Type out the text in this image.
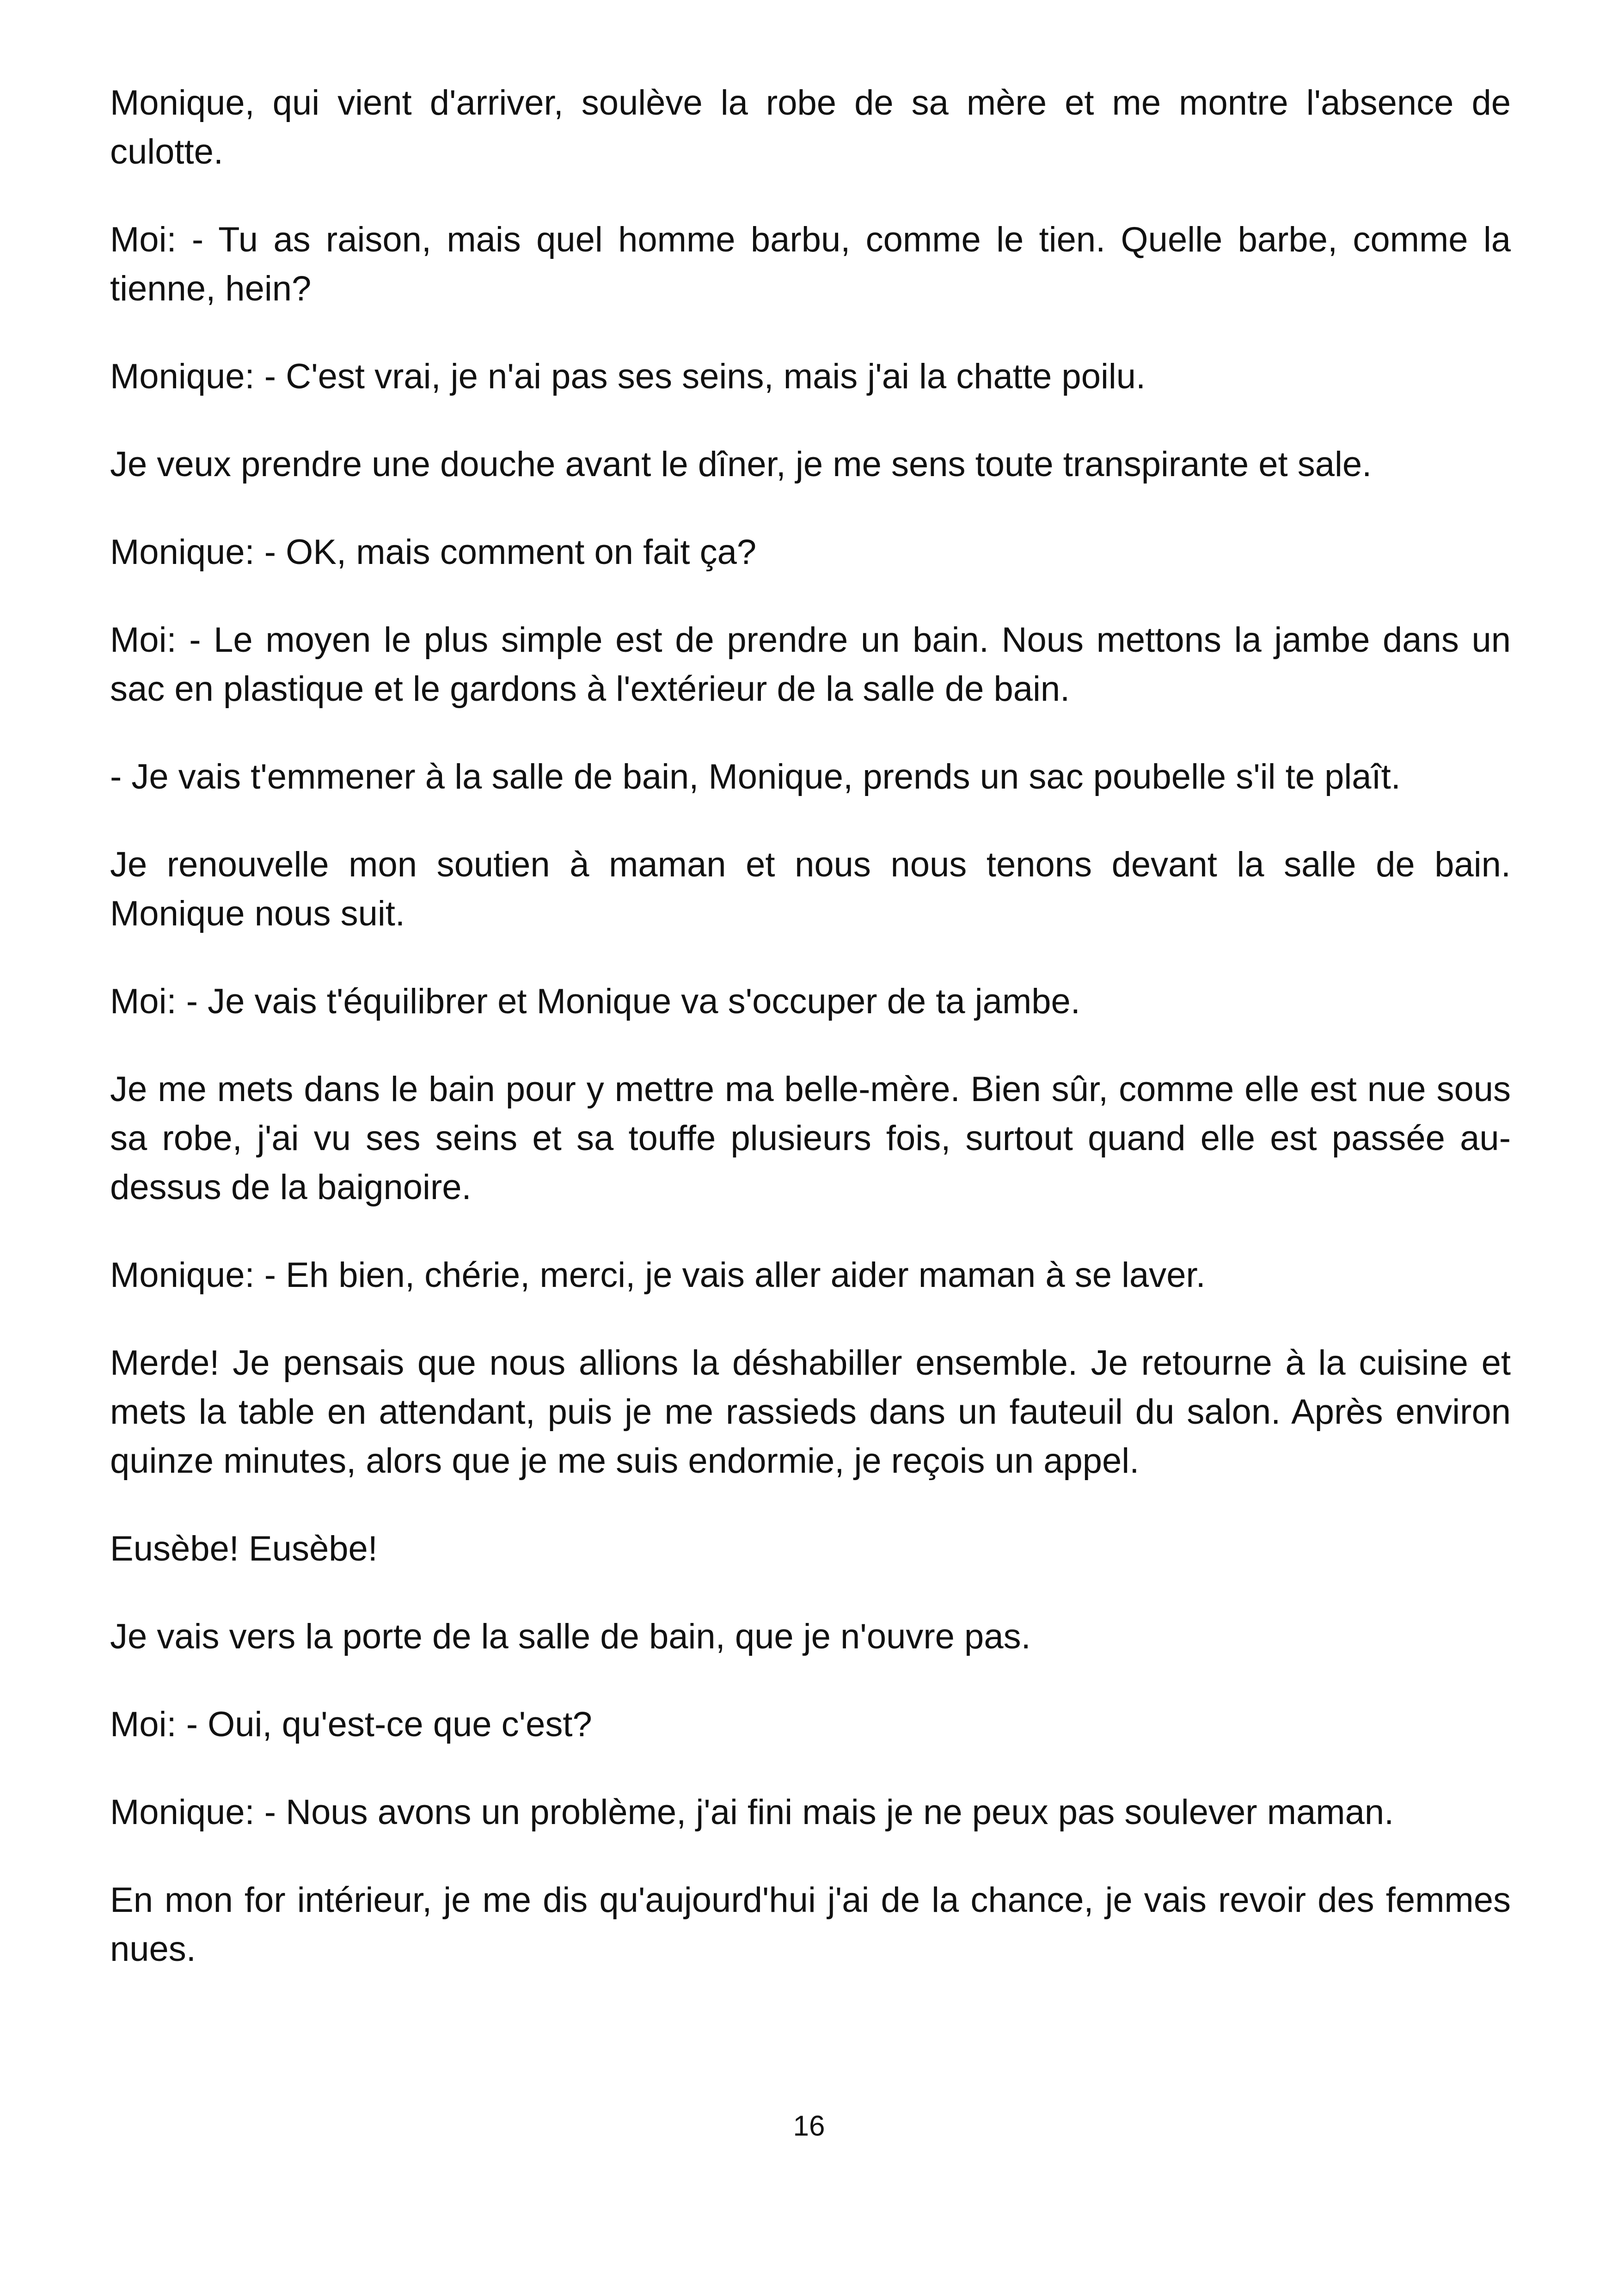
Monique, qui vient d'arriver, soulève la robe de sa mère et me montre l'absence de culotte.

Moi: - Tu as raison, mais quel homme barbu, comme le tien. Quelle barbe, comme la tienne, hein?

Monique: - C'est vrai, je n'ai pas ses seins, mais j'ai la chatte poilu.

Je veux prendre une douche avant le dîner, je me sens toute transpirante et sale.

Monique: - OK, mais comment on fait ça?

Moi: - Le moyen le plus simple est de prendre un bain. Nous mettons la jambe dans un sac en plastique et le gardons à l'extérieur de la salle de bain.

- Je vais t'emmener à la salle de bain, Monique, prends un sac poubelle s'il te plaît.

Je renouvelle mon soutien à maman et nous nous tenons devant la salle de bain. Monique nous suit.

Moi: - Je vais t'équilibrer et Monique va s'occuper de ta jambe.

Je me mets dans le bain pour y mettre ma belle-mère. Bien sûr, comme elle est nue sous sa robe, j'ai vu ses seins et sa touffe plusieurs fois, surtout quand elle est passée au-dessus de la baignoire.

Monique: - Eh bien, chérie, merci, je vais aller aider maman à se laver.

Merde! Je pensais que nous allions la déshabiller ensemble. Je retourne à la cuisine et mets la table en attendant, puis je me rassieds dans un fauteuil du salon. Après environ quinze minutes, alors que je me suis endormie, je reçois un appel.

Eusèbe! Eusèbe!

Je vais vers la porte de la salle de bain, que je n'ouvre pas.

Moi: - Oui, qu'est-ce que c'est?

Monique: - Nous avons un problème, j'ai fini mais je ne peux pas soulever maman.

En mon for intérieur, je me dis qu'aujourd'hui j'ai de la chance, je vais revoir des femmes nues.

16
